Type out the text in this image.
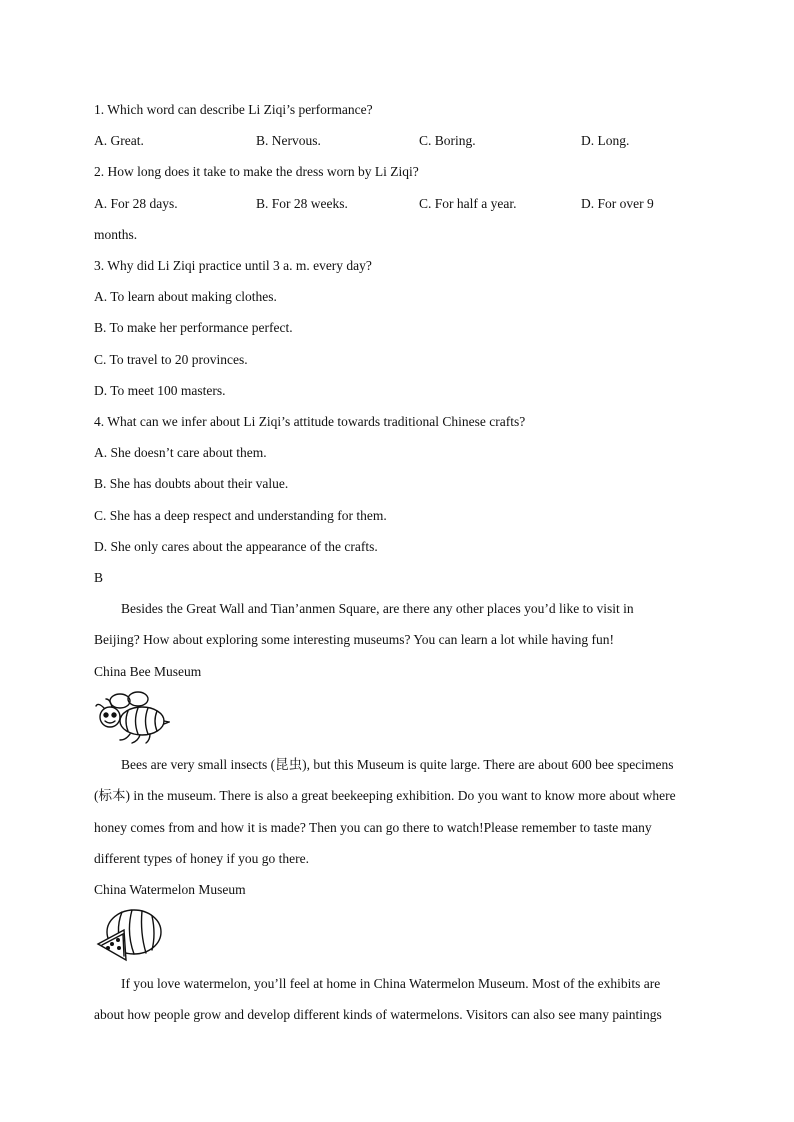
1. Which word can describe Li Ziqi’s performance?
A. Great.	B. Nervous.	C. Boring.	D. Long.
2. How long does it take to make the dress worn by Li Ziqi?
A. For 28 days.	B. For 28 weeks.	C. For half a year.	D. For over 9
months.
3. Why did Li Ziqi practice until 3 a. m. every day?
A. To learn about making clothes.
B. To make her performance perfect.
C. To travel to 20 provinces.
D. To meet 100 masters.
4. What can we infer about Li Ziqi’s attitude towards traditional Chinese crafts?
A. She doesn’t care about them.
B. She has doubts about their value.
C. She has a deep respect and understanding for them.
D. She only cares about the appearance of the crafts.
B
Besides the Great Wall and Tian’anmen Square, are there any other places you’d like to visit in
Beijing? How about exploring some interesting museums? You can learn a lot while having fun!
China Bee Museum
Bees are very small insects (昆虫), but this Museum is quite large. There are about 600 bee specimens
(标本) in the museum. There is also a great beekeeping exhibition. Do you want to know more about where
honey comes from and how it is made? Then you can go there to watch!Please remember to taste many
different types of honey if you go there.
China Watermelon Museum
If you love watermelon, you’ll feel at home in China Watermelon Museum. Most of the exhibits are
about how people grow and develop different kinds of watermelons. Visitors can also see many paintings
